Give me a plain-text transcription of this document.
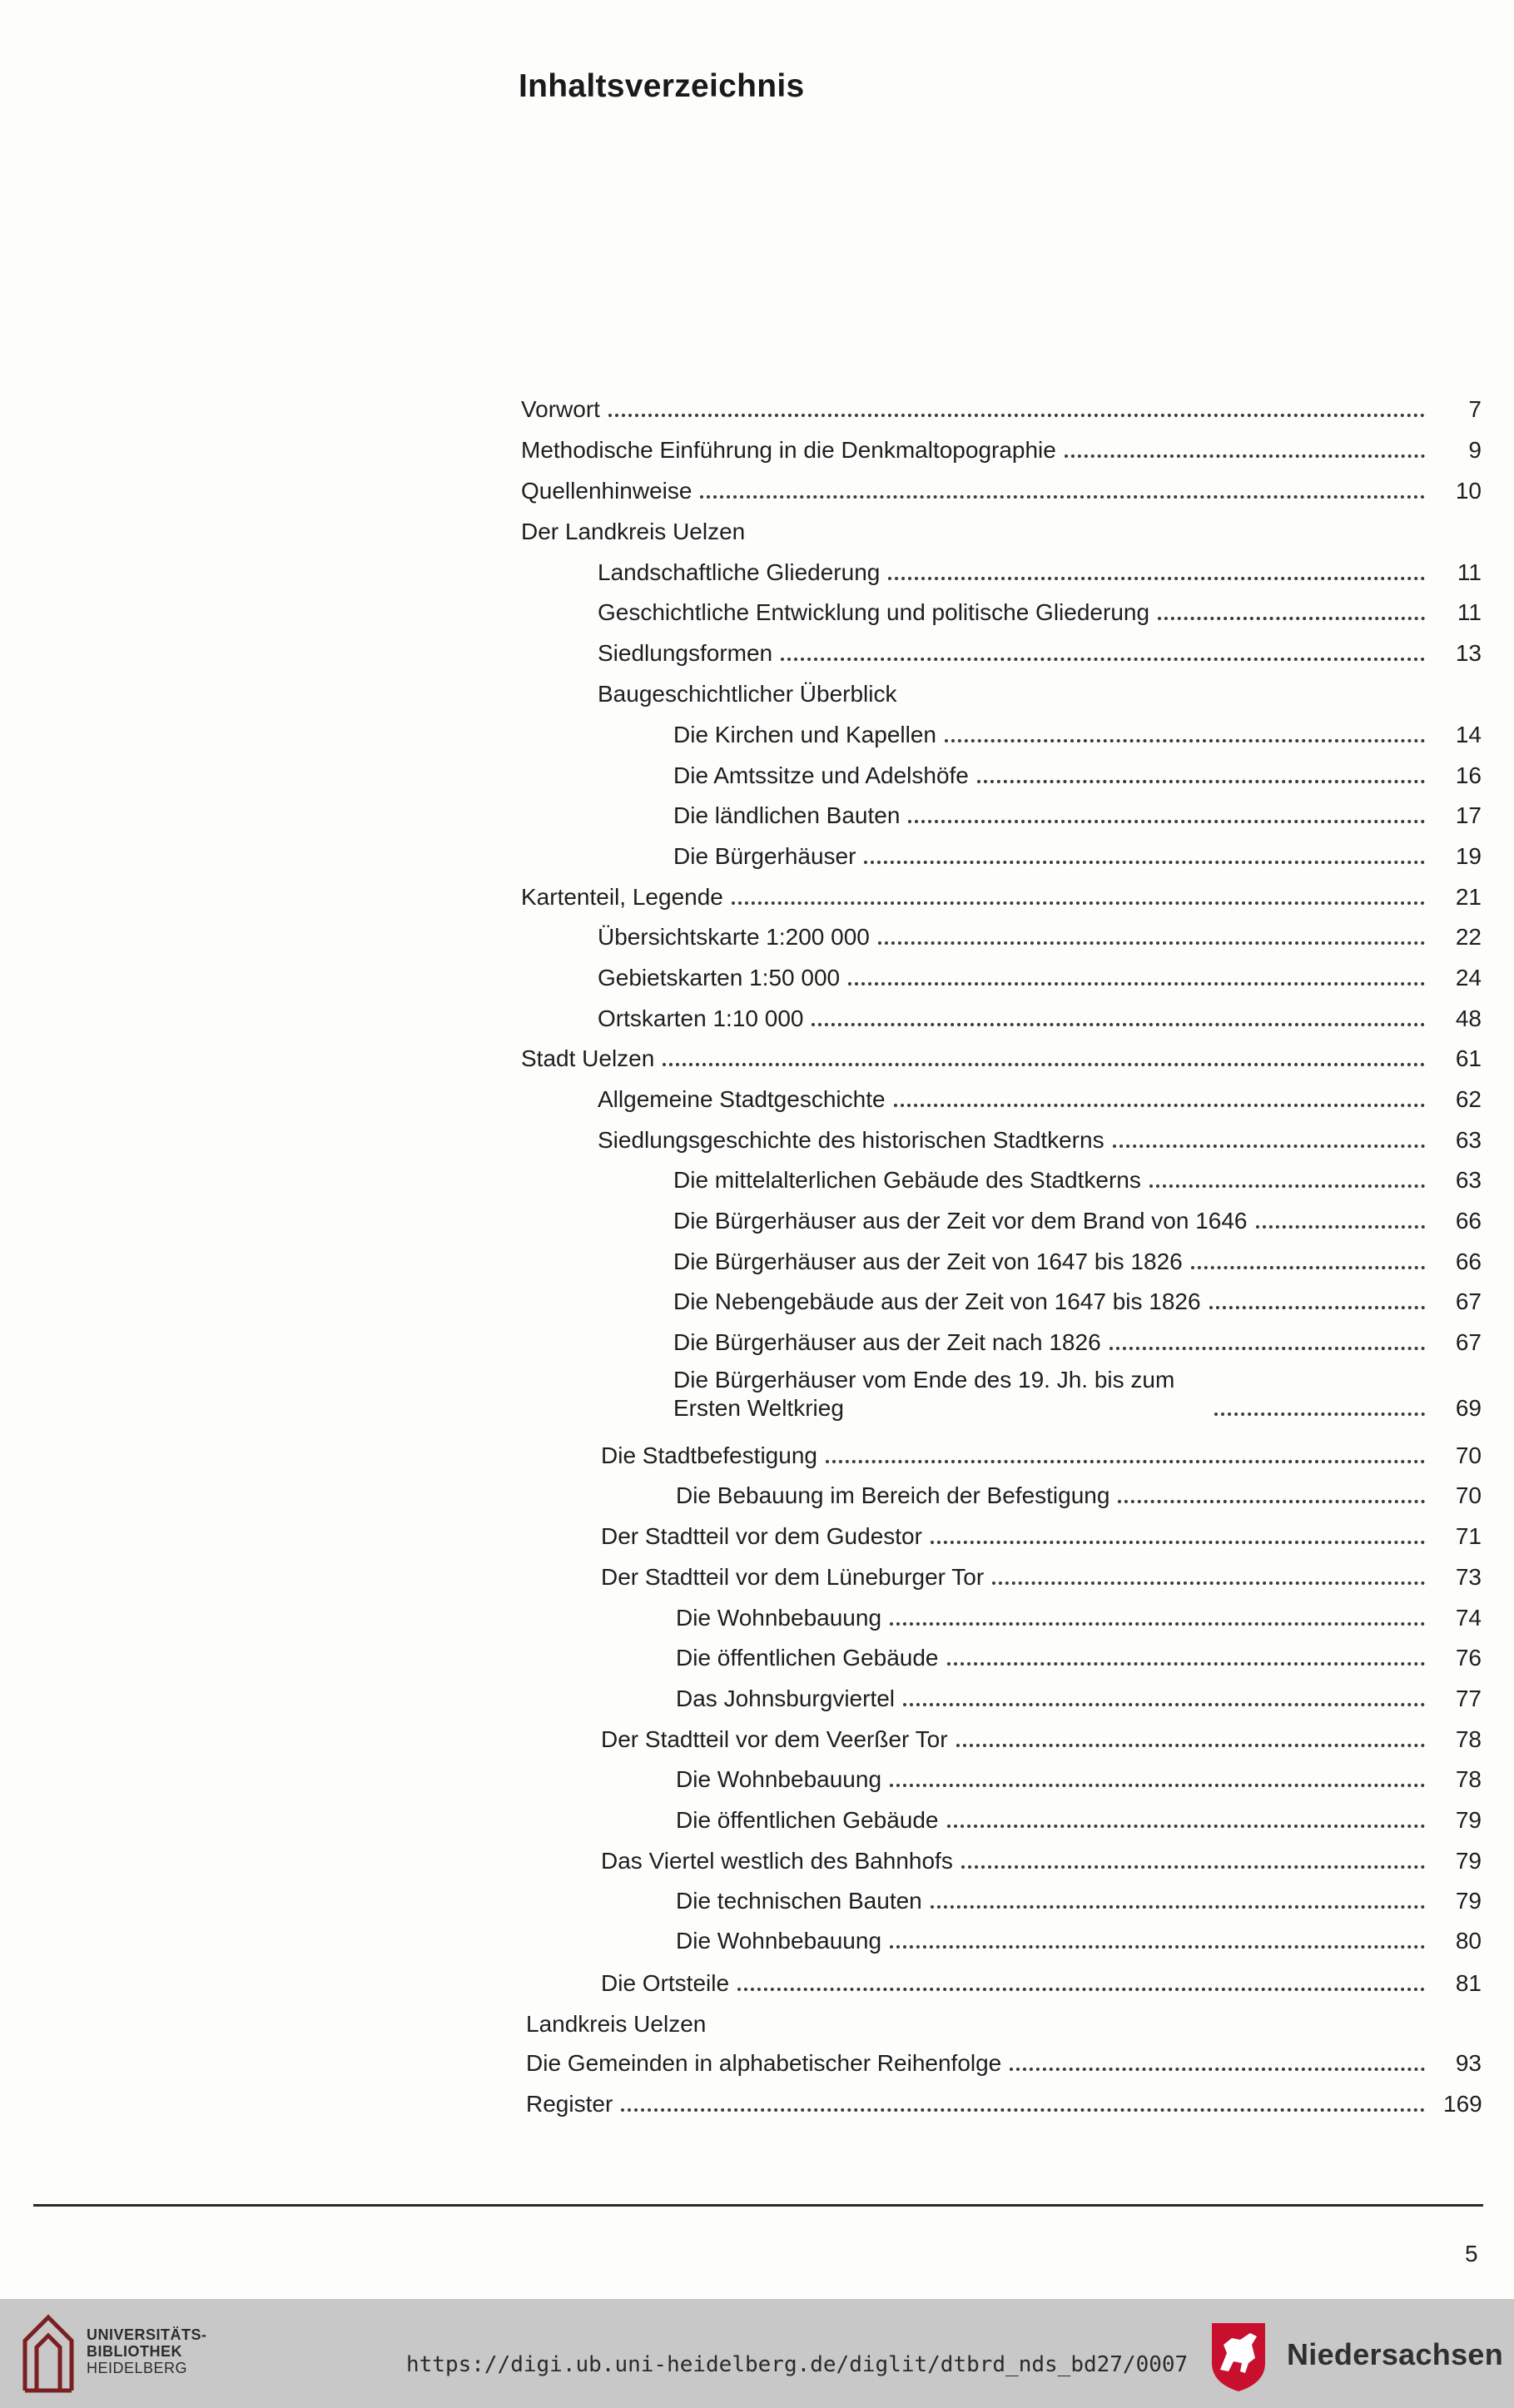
Inhaltsverzeichnis
Vorwort	7
Methodische Einführung in die Denkmaltopographie	9
Quellenhinweise	10
Der Landkreis Uelzen
Landschaftliche Gliederung	11
Geschichtliche Entwicklung und politische Gliederung	11
Siedlungsformen	13
Baugeschichtlicher Überblick
Die Kirchen und Kapellen	14
Die Amtssitze und Adelshöfe	16
Die ländlichen Bauten	17
Die Bürgerhäuser	19
Kartenteil, Legende	21
Übersichtskarte 1:200 000	22
Gebietskarten 1:50 000	24
Ortskarten 1:10 000	48
Stadt Uelzen	61
Allgemeine Stadtgeschichte	62
Siedlungsgeschichte des historischen Stadtkerns	63
Die mittelalterlichen Gebäude des Stadtkerns	63
Die Bürgerhäuser aus der Zeit vor dem Brand von 1646	66
Die Bürgerhäuser aus der Zeit von 1647 bis 1826	66
Die Nebengebäude aus der Zeit von 1647 bis 1826	67
Die Bürgerhäuser aus der Zeit nach 1826	67
Die Bürgerhäuser vom Ende des 19. Jh. bis zum Ersten Weltkrieg	69
Die Stadtbefestigung	70
Die Bebauung im Bereich der Befestigung	70
Der Stadtteil vor dem Gudestor	71
Der Stadtteil vor dem Lüneburger Tor	73
Die Wohnbebauung	74
Die öffentlichen Gebäude	76
Das Johnsburgviertel	77
Der Stadtteil vor dem Veerßer Tor	78
Die Wohnbebauung	78
Die öffentlichen Gebäude	79
Das Viertel westlich des Bahnhofs	79
Die technischen Bauten	79
Die Wohnbebauung	80
Die Ortsteile	81
Landkreis Uelzen
Die Gemeinden in alphabetischer Reihenfolge	93
Register	169
5
UNIVERSITÄTS-
BIBLIOTHEK
HEIDELBERG	https://digi.ub.uni-heidelberg.de/diglit/dtbrd_nds_bd27/0007	Niedersachsen
